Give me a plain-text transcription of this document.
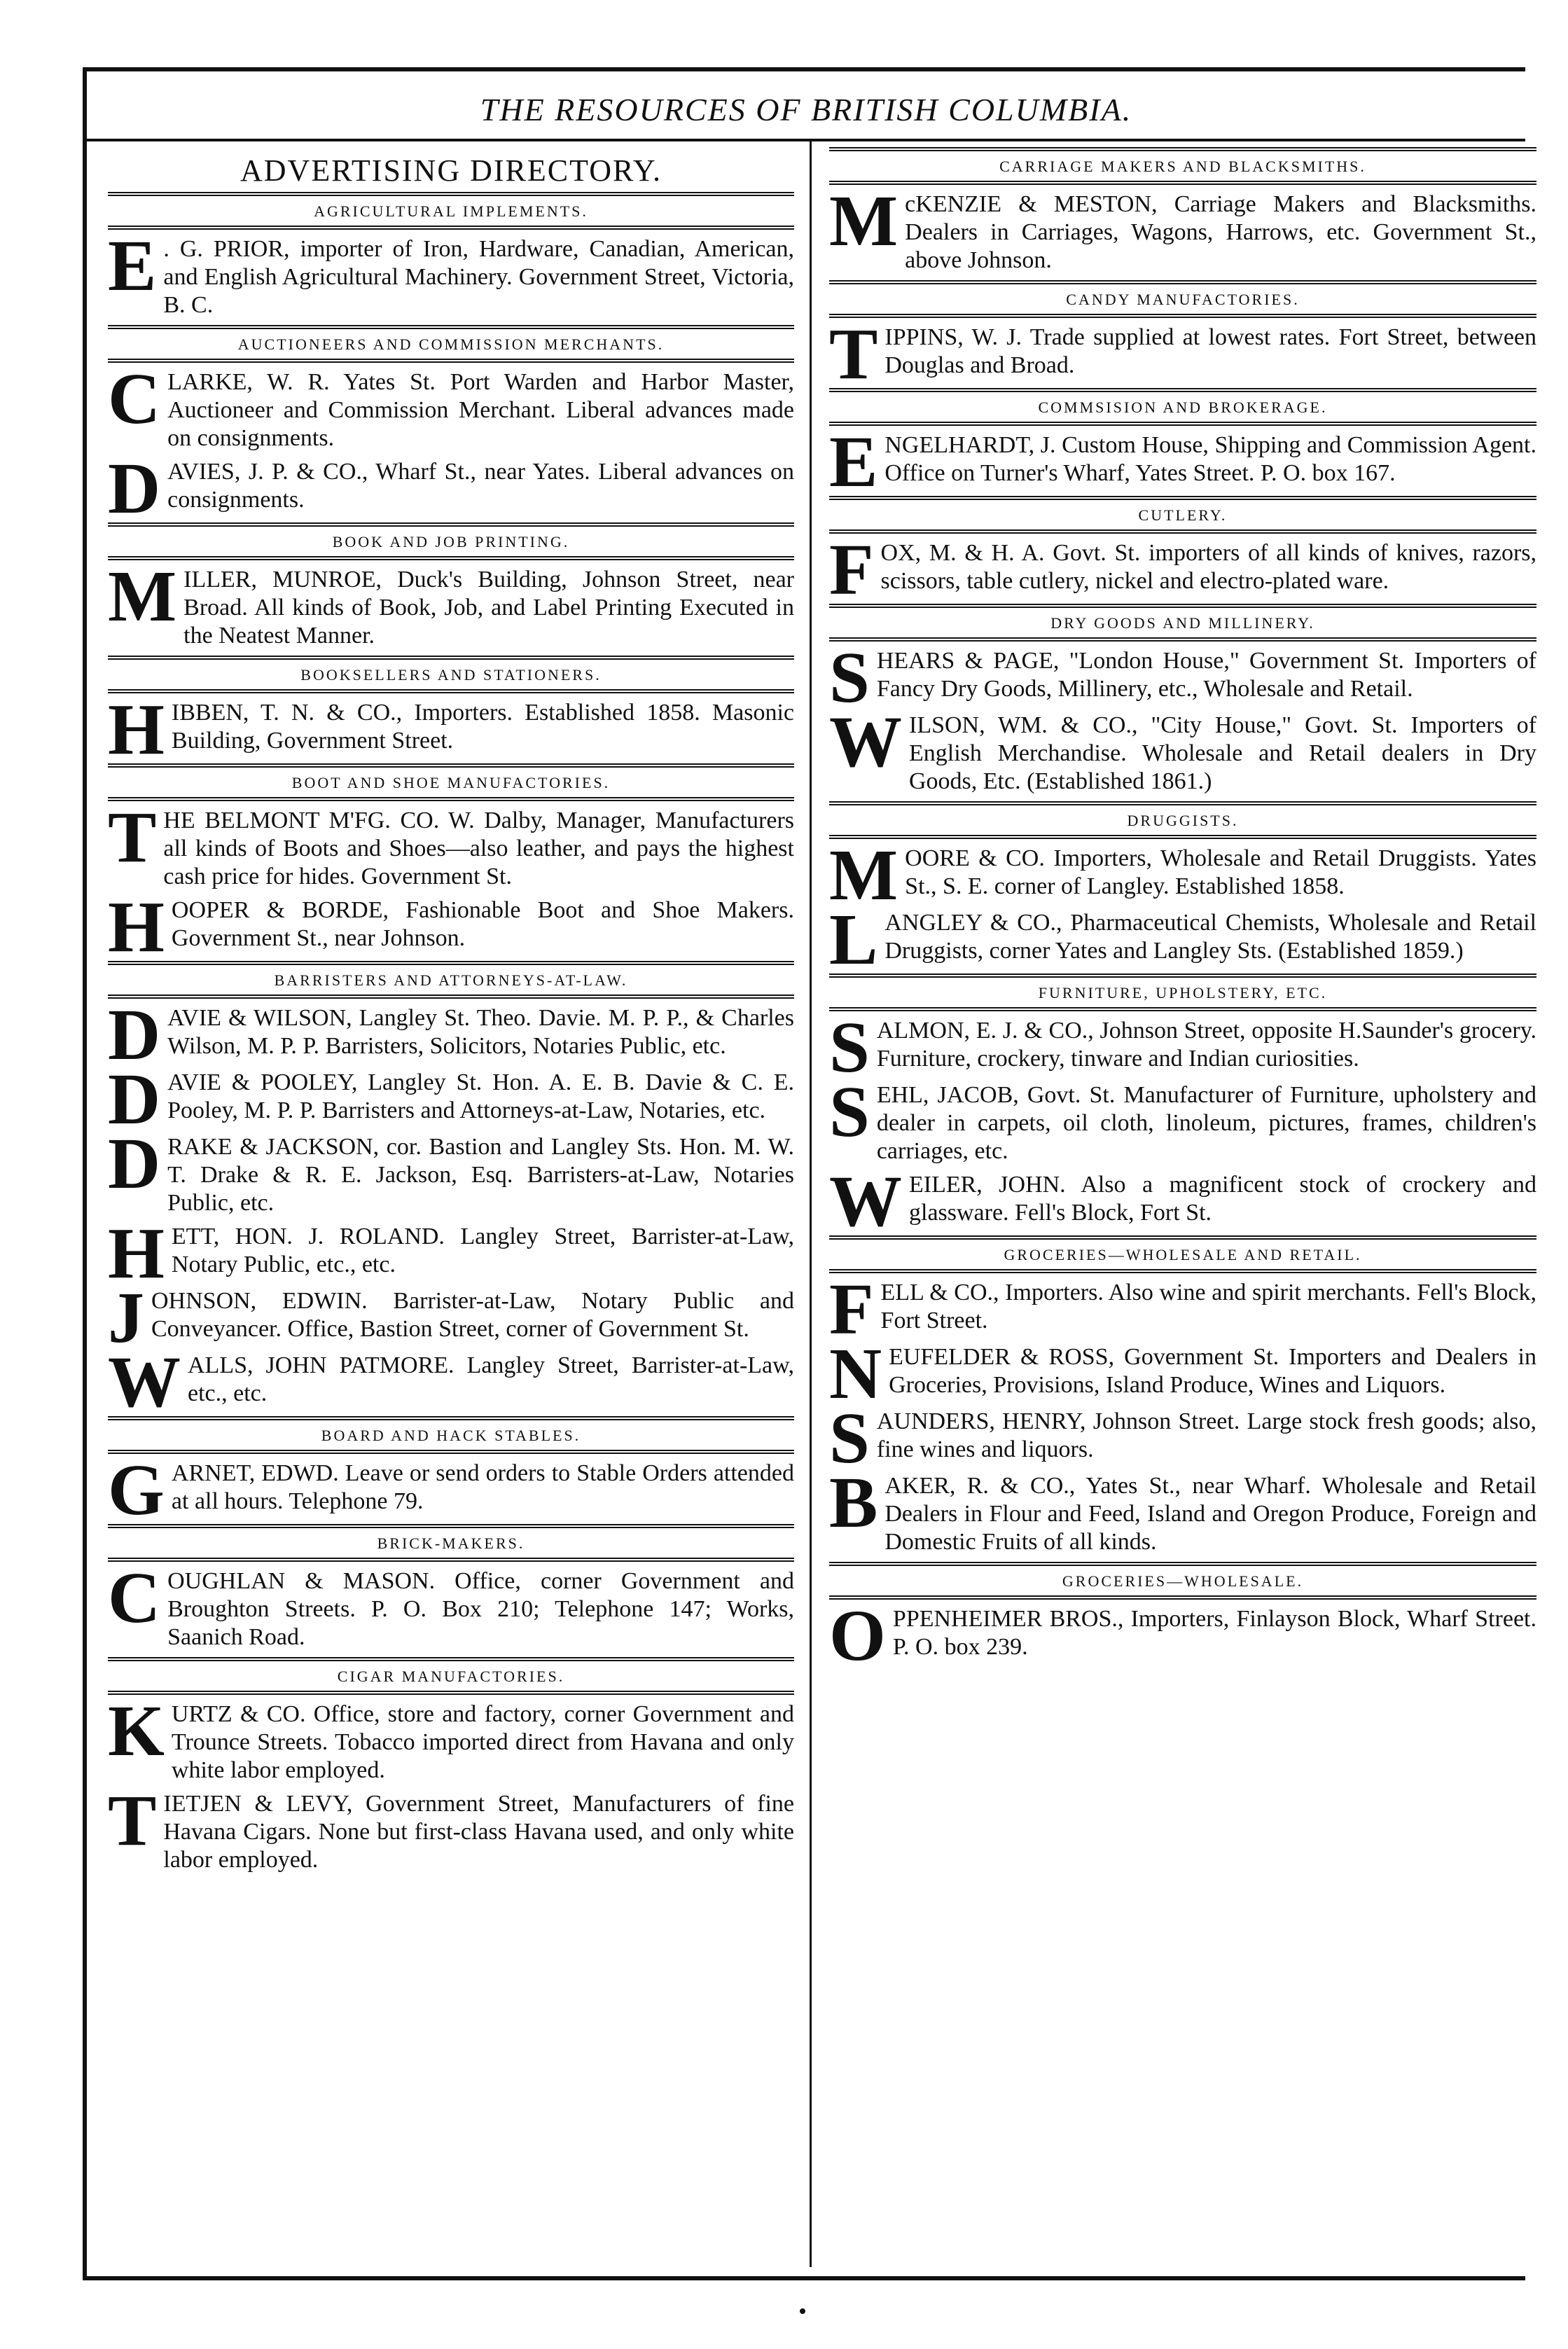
THE RESOURCES OF BRITISH COLUMBIA.
ADVERTISING DIRECTORY.
AGRICULTURAL IMPLEMENTS.
E . G. PRIOR, importer of Iron, Hardware, Canadian, American, and English Agricultural Machinery. Government Street, Victoria, B. C.
AUCTIONEERS AND COMMISSION MERCHANTS.
CLARKE, W. R. Yates St. Port Warden and Harbor Master, Auctioneer and Commission Merchant. Liberal advances made on consignments.
DAVIES, J. P. & CO., Wharf St., near Yates. Liberal advances on consignments.
BOOK AND JOB PRINTING.
MILLER, MUNROE, Duck's Building, Johnson Street, near Broad. All kinds of Book, Job, and Label Printing Executed in the Neatest Manner.
BOOKSELLERS AND STATIONERS.
HIBBEN, T. N. & CO., Importers. Established 1858. Masonic Building, Government Street.
BOOT AND SHOE MANUFACTORIES.
THE BELMONT M'FG. CO. W. Dalby, Manager, Manufacturers all kinds of Boots and Shoes—also leather, and pays the highest cash price for hides. Government St.
HOOPER & BORDE, Fashionable Boot and Shoe Makers. Government St., near Johnson.
BARRISTERS AND ATTORNEYS-AT-LAW.
DAVIE & WILSON, Langley St. Theo. Davie. M. P. P., & Charles Wilson, M. P. P. Barristers, Solicitors, Notaries Public, etc.
DAVIE & POOLEY, Langley St. Hon. A. E. B. Davie & C. E. Pooley, M. P. P. Barristers and Attorneys-at-Law, Notaries, etc.
DRAKE & JACKSON, cor. Bastion and Langley Sts. Hon. M. W. T. Drake & R. E. Jackson, Esq. Barristers-at-Law, Notaries Public, etc.
HETT, HON. J. ROLAND. Langley Street, Barrister-at-Law, Notary Public, etc., etc.
JOHNSON, EDWIN. Barrister-at-Law, Notary Public and Conveyancer. Office, Bastion Street, corner of Government St.
WALLS, JOHN PATMORE. Langley Street, Barrister-at-Law, etc., etc.
BOARD AND HACK STABLES.
GARNET, EDWD. Leave or send orders to Stable Orders attended at all hours. Telephone 79.
BRICK-MAKERS.
COUGHLAN & MASON. Office, corner Government and Broughton Streets. P. O. Box 210; Telephone 147; Works, Saanich Road.
CIGAR MANUFACTORIES.
KURTZ & CO. Office, store and factory, corner Government and Trounce Streets. Tobacco imported direct from Havana and only white labor employed.
TIETJEN & LEVY, Government Street, Manufacturers of fine Havana Cigars. None but first-class Havana used, and only white labor employed.
CARRIAGE MAKERS AND BLACKSMITHS.
McKENZIE & MESTON, Carriage Makers and Blacksmiths. Dealers in Carriages, Wagons, Harrows, etc. Government St., above Johnson.
CANDY MANUFACTORIES.
TIPPINS, W. J. Trade supplied at lowest rates. Fort Street, between Douglas and Broad.
COMMSISION AND BROKERAGE.
ENGELHARDT, J. Custom House, Shipping and Commission Agent. Office on Turner's Wharf, Yates Street. P. O. box 167.
CUTLERY.
FOX, M. & H. A. Govt. St. importers of all kinds of knives, razors, scissors, table cutlery, nickel and electro-plated ware.
DRY GOODS AND MILLINERY.
SHEARS & PAGE, "London House," Government St. Importers of Fancy Dry Goods, Millinery, etc., Wholesale and Retail.
WILSON, WM. & CO., "City House," Govt. St. Importers of English Merchandise. Wholesale and Retail dealers in Dry Goods, Etc. (Established 1861.)
DRUGGISTS.
MOORE & CO. Importers, Wholesale and Retail Druggists. Yates St., S. E. corner of Langley. Established 1858.
LANGLEY & CO., Pharmaceutical Chemists, Wholesale and Retail Druggists, corner Yates and Langley Sts. (Established 1859.)
FURNITURE, UPHOLSTERY, ETC.
SALMON, E. J. & CO., Johnson Street, opposite H.Saunder's grocery. Furniture, crockery, tinware and Indian curiosities.
SEHL, JACOB, Govt. St. Manufacturer of Furniture, upholstery and dealer in carpets, oil cloth, linoleum, pictures, frames, children's carriages, etc.
WEILER, JOHN. Also a magnificent stock of crockery and glassware. Fell's Block, Fort St.
GROCERIES—WHOLESALE AND RETAIL.
FELL & CO., Importers. Also wine and spirit merchants. Fell's Block, Fort Street.
NEUFELDER & ROSS, Government St. Importers and Dealers in Groceries, Provisions, Island Produce, Wines and Liquors.
SAUNDERS, HENRY, Johnson Street. Large stock fresh goods; also, fine wines and liquors.
BAKER, R. & CO., Yates St., near Wharf. Wholesale and Retail Dealers in Flour and Feed, Island and Oregon Produce, Foreign and Domestic Fruits of all kinds.
GROCERIES—WHOLESALE.
OPPENHEIMER BROS., Importers, Finlayson Block, Wharf Street. P. O. box 239.
